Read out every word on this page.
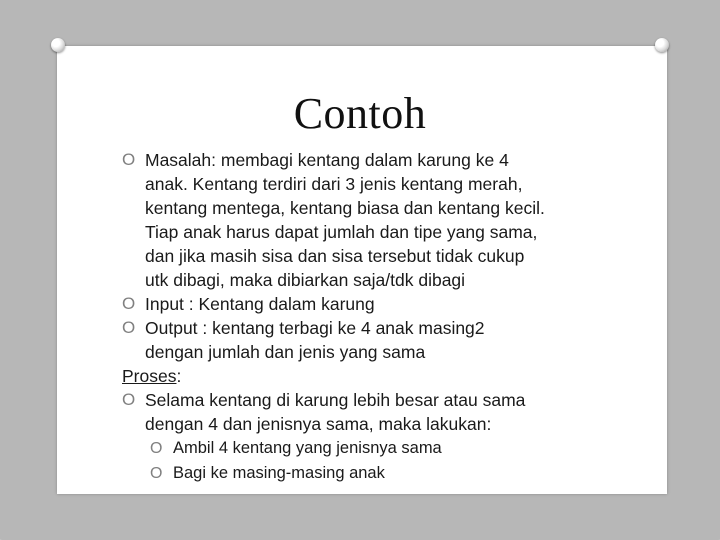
Contoh

O Masalah: membagi kentang dalam karung ke 4
anak. Kentang terdiri dari 3 jenis kentang merah,
kentang mentega, kentang biasa dan kentang kecil.
Tiap anak harus dapat jumlah dan tipe yang sama,
dan jika masih sisa dan sisa tersebut tidak cukup
utk dibagi, maka dibiarkan saja/tdk dibagi

O Input : Kentang dalam karung

O Output : kentang terbagi ke 4 anak masing2
dengan jumlah dan jenis yang sama

Proses:

O Selama kentang di karung lebih besar atau sama
dengan 4 dan jenisnya sama, maka lakukan:

O Ambil 4 kentang yang jenisnya sama

O Bagi ke masing-masing anak
